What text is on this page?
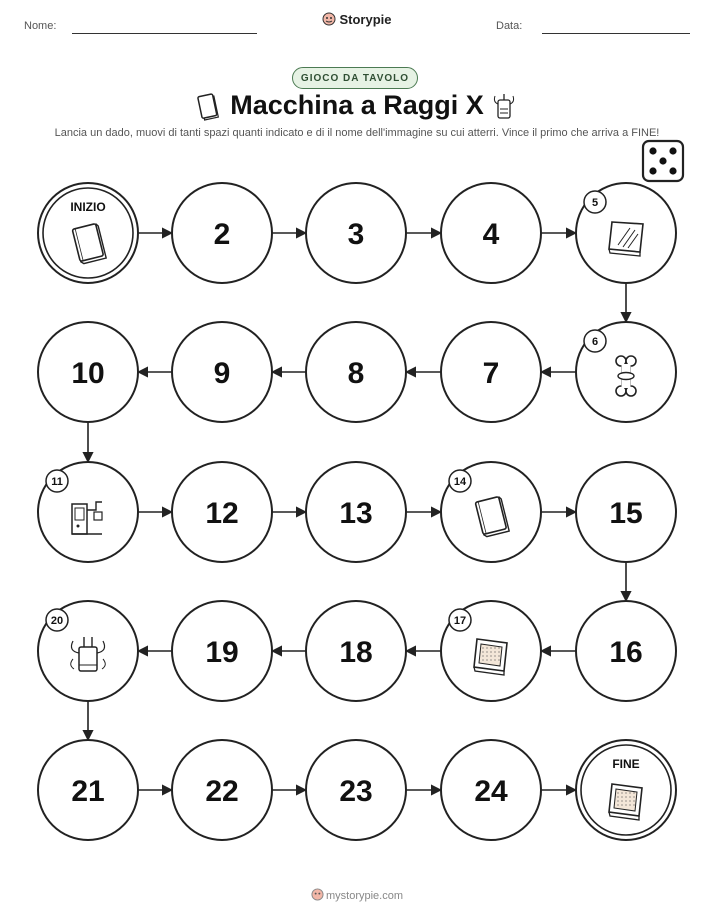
Nome:	Storypie	Data:
GIOCO DA TAVOLO
Macchina a Raggi X
Lancia un dado, muovi di tanti spazi quanti indicato e di il nome dell'immagine su cui atterri. Vince il primo che arriva a FINE!
INIZIO
2	3	4
5
6
7
8
9
10
11
12	13
14
15
16
17
18
19
20
21	22	23	24
FINE
mystorypie.com
